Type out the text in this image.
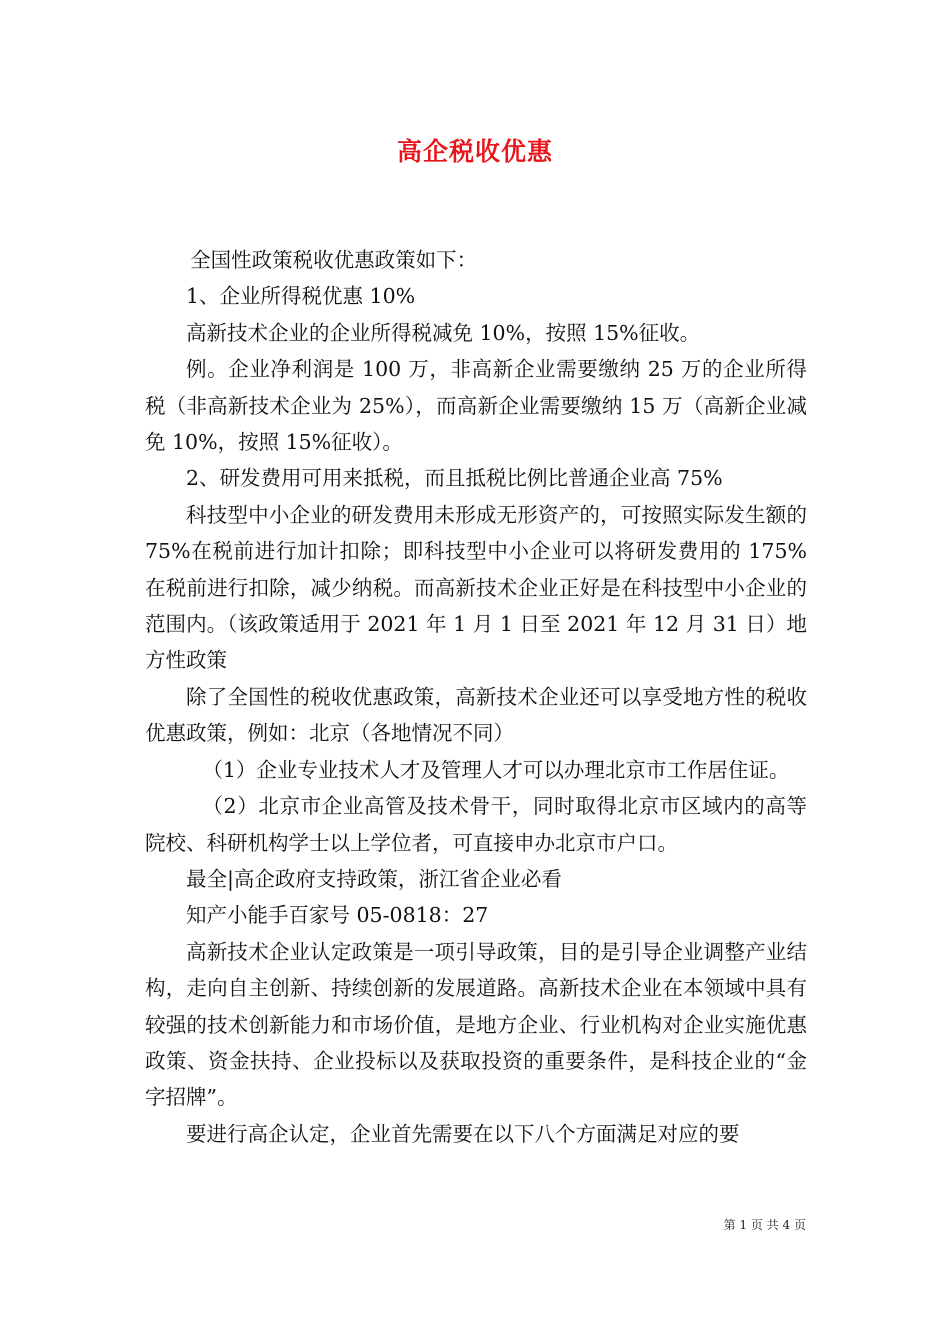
高企税收优惠

全国性政策税收优惠政策如下：

1、企业所得税优惠 10%

高新技术企业的企业所得税减免 10%，按照 15%征收。

例。企业净利润是 100 万，非高新企业需要缴纳 25 万的企业所得税（非高新技术企业为 25%），而高新企业需要缴纳 15 万（高新企业减免 10%，按照 15%征收）。

2、研发费用可用来抵税，而且抵税比例比普通企业高 75%

科技型中小企业的研发费用未形成无形资产的，可按照实际发生额的 75%在税前进行加计扣除；即科技型中小企业可以将研发费用的 175%在税前进行扣除，减少纳税。而高新技术企业正好是在科技型中小企业的范围内。（该政策适用于 2021 年 1 月 1 日至 2021 年 12 月 31 日）地方性政策

除了全国性的税收优惠政策，高新技术企业还可以享受地方性的税收优惠政策，例如：北京（各地情况不同）

（1）企业专业技术人才及管理人才可以办理北京市工作居住证。

（2）北京市企业高管及技术骨干，同时取得北京市区域内的高等院校、科研机构学士以上学位者，可直接申办北京市户口。

最全|高企政府支持政策，浙江省企业必看

知产小能手百家号 05-0818：27

高新技术企业认定政策是一项引导政策，目的是引导企业调整产业结构，走向自主创新、持续创新的发展道路。高新技术企业在本领域中具有较强的技术创新能力和市场价值，是地方企业、行业机构对企业实施优惠政策、资金扶持、企业投标以及获取投资的重要条件，是科技企业的“金字招牌”。

要进行高企认定，企业首先需要在以下八个方面满足对应的要

第 1 页 共 4 页
